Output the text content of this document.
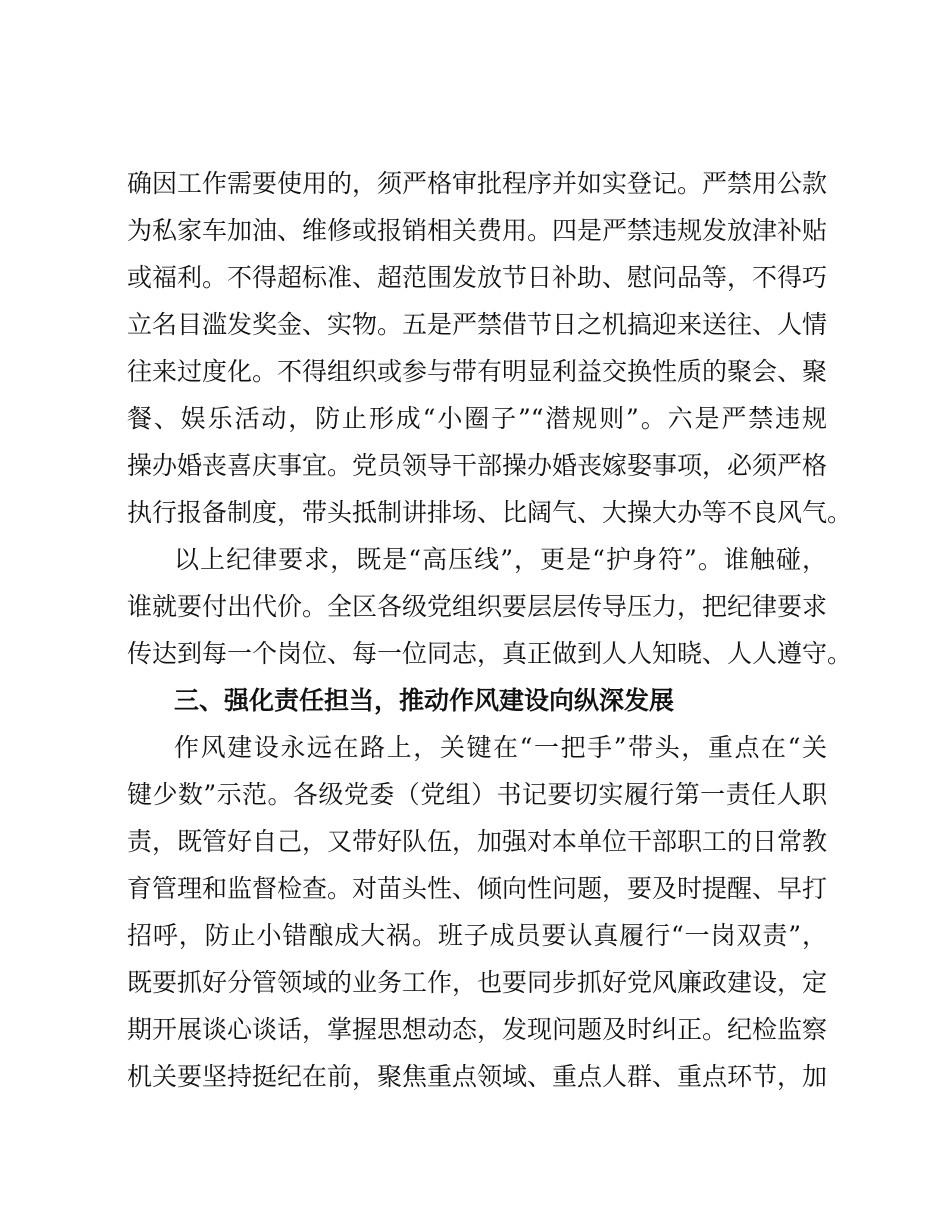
确因工作需要使用的，须严格审批程序并如实登记。严禁用公款
为私家车加油、维修或报销相关费用。四是严禁违规发放津补贴
或福利。不得超标准、超范围发放节日补助、慰问品等，不得巧
立名目滥发奖金、实物。五是严禁借节日之机搞迎来送往、人情
往来过度化。不得组织或参与带有明显利益交换性质的聚会、聚
餐、娱乐活动，防止形成“小圈子”“潜规则”。六是严禁违规
操办婚丧喜庆事宜。党员领导干部操办婚丧嫁娶事项，必须严格
执行报备制度，带头抵制讲排场、比阔气、大操大办等不良风气。
以上纪律要求，既是“高压线”，更是“护身符”。谁触碰，
谁就要付出代价。全区各级党组织要层层传导压力，把纪律要求
传达到每一个岗位、每一位同志，真正做到人人知晓、人人遵守。
三、强化责任担当，推动作风建设向纵深发展
作风建设永远在路上，关键在“一把手”带头，重点在“关
键少数”示范。各级党委（党组）书记要切实履行第一责任人职
责，既管好自己，又带好队伍，加强对本单位干部职工的日常教
育管理和监督检查。对苗头性、倾向性问题，要及时提醒、早打
招呼，防止小错酿成大祸。班子成员要认真履行“一岗双责”，
既要抓好分管领域的业务工作，也要同步抓好党风廉政建设，定
期开展谈心谈话，掌握思想动态，发现问题及时纠正。纪检监察
机关要坚持挺纪在前，聚焦重点领域、重点人群、重点环节，加
